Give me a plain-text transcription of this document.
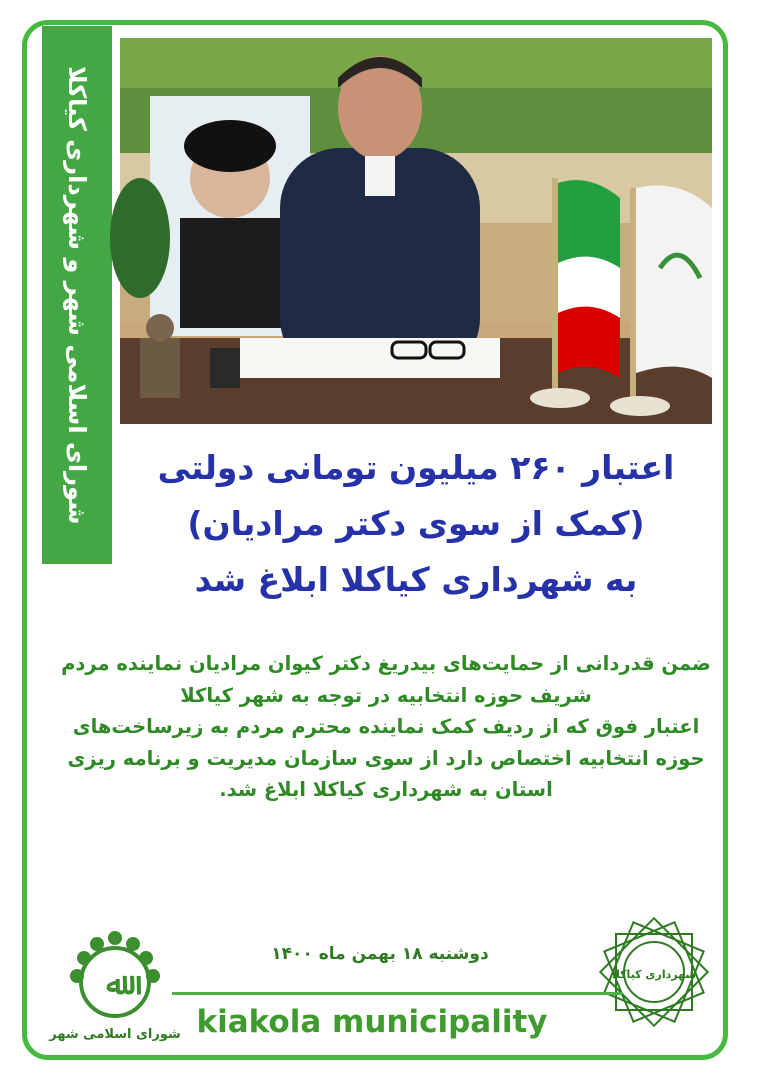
شورای اسلامی شهر و شهرداری کیاکلا	اعتبار ۲۶۰ میلیون تومانی دولتی
(کمک از سوی دکتر مرادیان)
به شهرداری کیاکلا ابلاغ شد

ضمن قدردانی از حمایت‌های بیدریغ دکتر کیوان مرادیان نماینده مردم شریف حوزه انتخابیه در توجه به شهر کیاکلا

اعتبار فوق که از ردیف کمک نماینده محترم مردم به زیرساخت‌های حوزه انتخابیه اختصاص دارد از سوی سازمان مدیریت و برنامه ریزی استان به شهرداری کیاکلا ابلاغ شد.

دوشنبه ۱۸ بهمن ماه ۱۴۰۰
ﷲ
شورای اسلامی شهر
شهرداری کیاکلا
kiakola municipality
